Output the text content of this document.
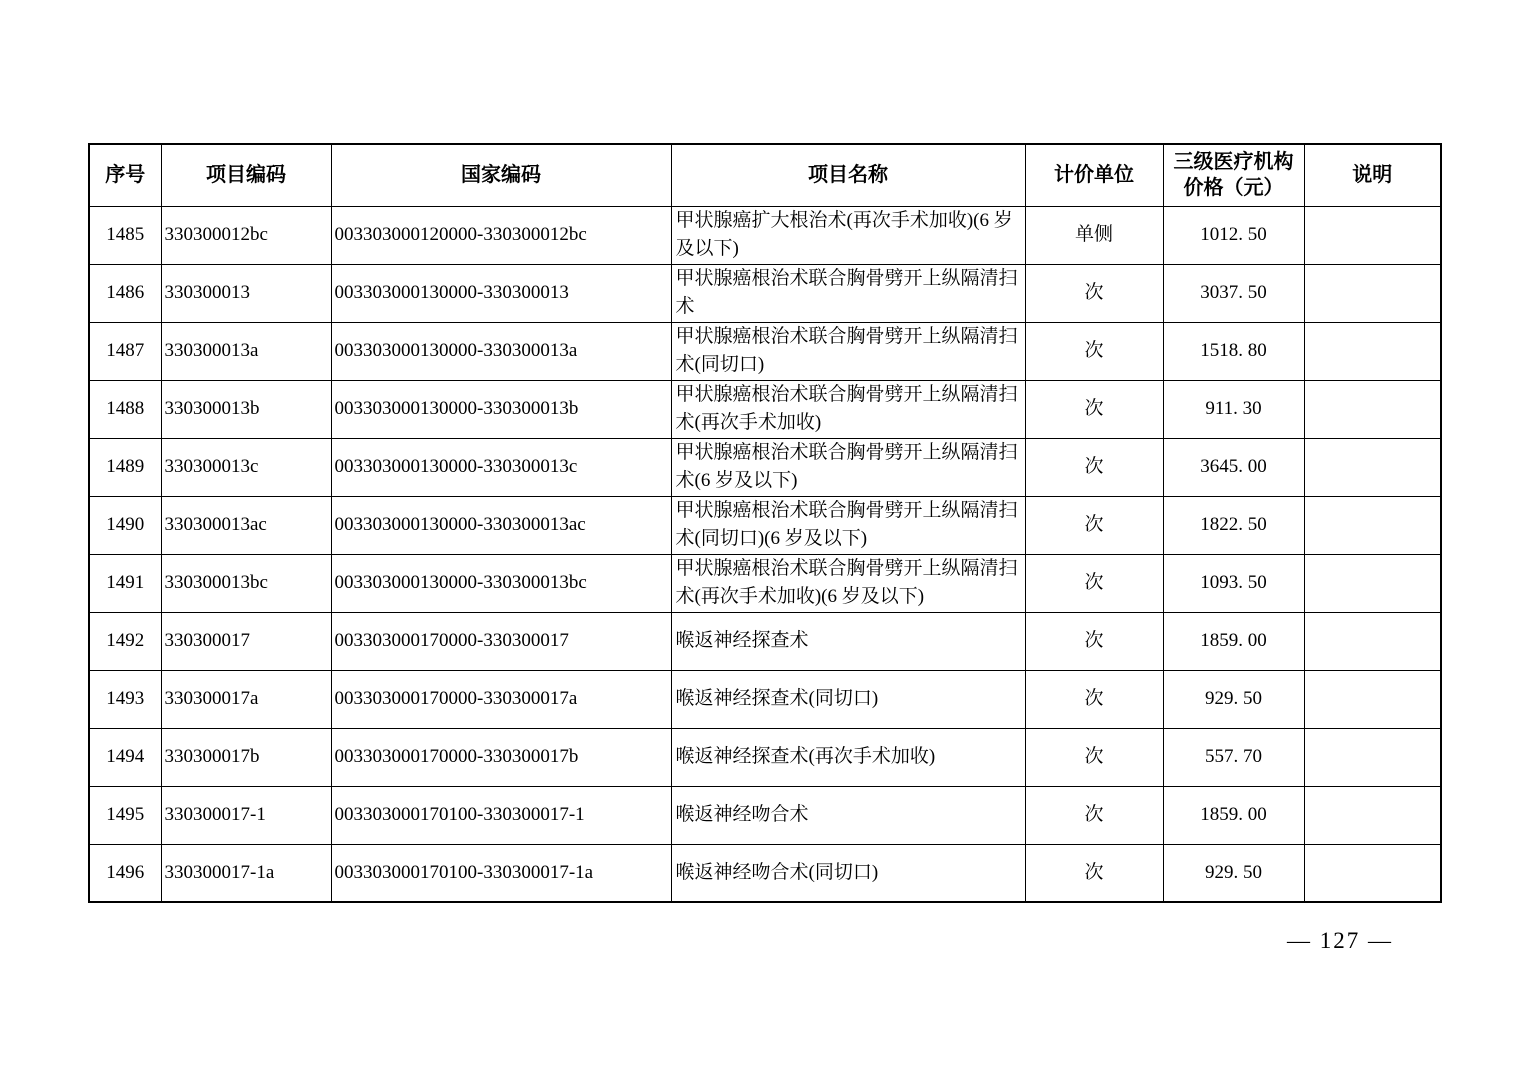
序号	项目编码	国家编码	项目名称	计价单位	三级医疗机构价格（元）	说明
1485	330300012bc	003303000120000-330300012bc	甲状腺癌扩大根治术(再次手术加收)(6 岁及以下)	单侧	1012. 50	
1486	330300013	003303000130000-330300013	甲状腺癌根治术联合胸骨劈开上纵隔清扫术	次	3037. 50	
1487	330300013a	003303000130000-330300013a	甲状腺癌根治术联合胸骨劈开上纵隔清扫术(同切口)	次	1518. 80	
1488	330300013b	003303000130000-330300013b	甲状腺癌根治术联合胸骨劈开上纵隔清扫术(再次手术加收)	次	911. 30	
1489	330300013c	003303000130000-330300013c	甲状腺癌根治术联合胸骨劈开上纵隔清扫术(6 岁及以下)	次	3645. 00	
1490	330300013ac	003303000130000-330300013ac	甲状腺癌根治术联合胸骨劈开上纵隔清扫术(同切口)(6 岁及以下)	次	1822. 50	
1491	330300013bc	003303000130000-330300013bc	甲状腺癌根治术联合胸骨劈开上纵隔清扫术(再次手术加收)(6 岁及以下)	次	1093. 50	
1492	330300017	003303000170000-330300017	喉返神经探查术	次	1859. 00	
1493	330300017a	003303000170000-330300017a	喉返神经探查术(同切口)	次	929. 50	
1494	330300017b	003303000170000-330300017b	喉返神经探查术(再次手术加收)	次	557. 70	
1495	330300017-1	003303000170100-330300017-1	喉返神经吻合术	次	1859. 00	
1496	330300017-1a	003303000170100-330300017-1a	喉返神经吻合术(同切口)	次	929. 50	
— 127 —
